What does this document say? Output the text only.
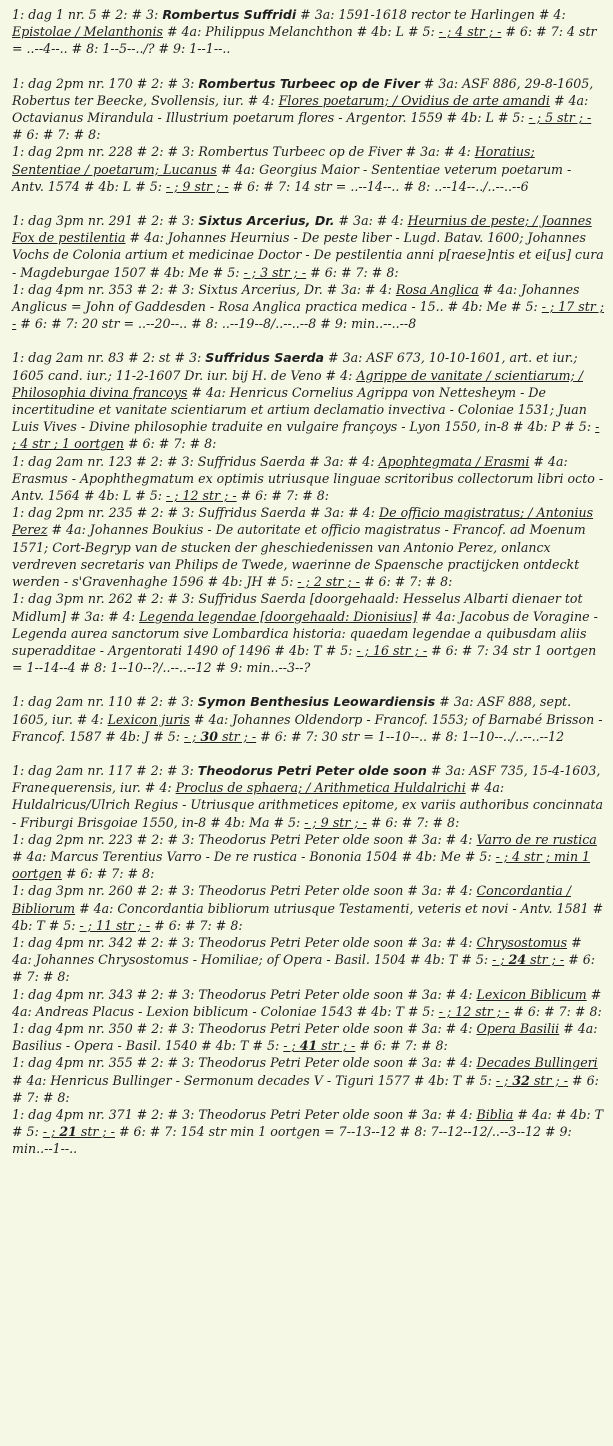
1: dag 1 nr. 5 # 2: # 3: Rombertus Suffridi # 3a: 1591-1618 rector te Harlingen # 4: Epistolae / Melanthonis # 4a: Philippus Melanchthon # 4b: L # 5: - ; 4 str ; - # 6: # 7: 4 str = ..--4--.. # 8: 1--5--../? # 9: 1--1--..

1: dag 2pm nr. 170 # 2: # 3: Rombertus Turbeec op de Fiver # 3a: ASF 886, 29-8-1605, Robertus ter Beecke, Svollensis, iur. # 4: Flores poetarum; / Ovidius de arte amandi # 4a: Octavianus Mirandula - Illustrium poetarum flores - Argentor. 1559 # 4b: L # 5: - ; 5 str ; - # 6: # 7: # 8:

1: dag 2pm nr. 228 # 2: # 3: Rombertus Turbeec op de Fiver # 3a: # 4: Horatius; Sententiae / poetarum; Lucanus # 4a: Georgius Maior - Sententiae veterum poetarum - Antv. 1574 # 4b: L # 5: - ; 9 str ; - # 6: # 7: 14 str = ..--14--.. # 8: ..--14--../..--..--6

1: dag 3pm nr. 291 # 2: # 3: Sixtus Arcerius, Dr. # 3a: # 4: Heurnius de peste; / Joannes Fox de pestilentia # 4a: Johannes Heurnius - De peste liber - Lugd. Batav. 1600; Johannes Vochs de Colonia artium et medicinae Doctor - De pestilentia anni p[raese]ntis et ei[us] cura - Magdeburgae 1507 # 4b: Me # 5: - ; 3 str ; - # 6: # 7: # 8:

1: dag 4pm nr. 353 # 2: # 3: Sixtus Arcerius, Dr. # 3a: # 4: Rosa Anglica # 4a: Johannes Anglicus = John of Gaddesden - Rosa Anglica practica medica - 15.. # 4b: Me # 5: - ; 17 str ; - # 6: # 7: 20 str = ..--20--.. # 8: ..--19--8/..--..--8 # 9: min..--..--8

1: dag 2am nr. 83 # 2: st # 3: Suffridus Saerda # 3a: ASF 673, 10-10-1601, art. et iur.; 1605 cand. iur.; 11-2-1607 Dr. iur. bij H. de Veno # 4: Agrippe de vanitate / scientiarum; / Philosophia divina francoys # 4a: Henricus Cornelius Agrippa von Nettesheym - De incertitudine et vanitate scientiarum et artium declamatio invectiva - Coloniae 1531; Juan Luis Vives - Divine philosophie traduite en vulgaire françoys - Lyon 1550, in-8 # 4b: P # 5: - ; 4 str ; 1 oortgen # 6: # 7: # 8:

1: dag 2am nr. 123 # 2: # 3: Suffridus Saerda # 3a: # 4: Apophtegmata / Erasmi # 4a: Erasmus - Apophthegmatum ex optimis utriusque linguae scritoribus collectorum libri octo - Antv. 1564 # 4b: L # 5: - ; 12 str ; - # 6: # 7: # 8:

1: dag 2pm nr. 235 # 2: # 3: Suffridus Saerda # 3a: # 4: De officio magistratus; / Antonius Perez # 4a: Johannes Boukius - De autoritate et officio magistratus - Francof. ad Moenum 1571; Cort-Begryp van de stucken der gheschiedenissen van Antonio Perez, onlancx verdreven secretaris van Philips de Twede, waerinne de Spaensche practijcken ontdeckt werden - s'Gravenhaghe 1596 # 4b: JH # 5: - ; 2 str ; - # 6: # 7: # 8:

1: dag 3pm nr. 262 # 2: # 3: Suffridus Saerda [doorgehaald: Hesselus Albarti dienaer tot Midlum] # 3a: # 4: Legenda legendae [doorgehaald: Dionisius] # 4a: Jacobus de Voragine - Legenda aurea sanctorum sive Lombardica historia: quaedam legendae a quibusdam aliis superadditae - Argentorati 1490 of 1496 # 4b: T # 5: - ; 16 str ; - # 6: # 7: 34 str 1 oortgen = 1--14--4 # 8: 1--10--?/..--..--12 # 9: min..--3--?

1: dag 2am nr. 110 # 2: # 3: Symon Benthesius Leowardiensis # 3a: ASF 888, sept. 1605, iur. # 4: Lexicon juris # 4a: Johannes Oldendorp - Francof. 1553; of Barnabé Brisson - Francof. 1587 # 4b: J # 5: - ; 30 str ; - # 6: # 7: 30 str = 1--10--.. # 8: 1--10--../..--..--12

1: dag 2am nr. 117 # 2: # 3: Theodorus Petri Peter olde soon # 3a: ASF 735, 15-4-1603, Franequerensis, iur. # 4: Proclus de sphaera; / Arithmetica Huldalrichi # 4a: Huldalricus/Ulrich Regius - Utriusque arithmetices epitome, ex variis authoribus concinnata - Friburgi Brisgoiae 1550, in-8 # 4b: Ma # 5: - ; 9 str ; - # 6: # 7: # 8:

1: dag 2pm nr. 223 # 2: # 3: Theodorus Petri Peter olde soon # 3a: # 4: Varro de re rustica # 4a: Marcus Terentius Varro - De re rustica - Bononia 1504 # 4b: Me # 5: - ; 4 str ; min 1 oortgen # 6: # 7: # 8:

1: dag 3pm nr. 260 # 2: # 3: Theodorus Petri Peter olde soon # 3a: # 4: Concordantia / Bibliorum # 4a: Concordantia bibliorum utriusque Testamenti, veteris et novi - Antv. 1581 # 4b: T # 5: - ; 11 str ; - # 6: # 7: # 8:

1: dag 4pm nr. 342 # 2: # 3: Theodorus Petri Peter olde soon # 3a: # 4: Chrysostomus # 4a: Johannes Chrysostomus - Homiliae; of Opera - Basil. 1504 # 4b: T # 5: - ; 24 str ; - # 6: # 7: # 8:

1: dag 4pm nr. 343 # 2: # 3: Theodorus Petri Peter olde soon # 3a: # 4: Lexicon Biblicum # 4a: Andreas Placus - Lexion biblicum - Coloniae 1543 # 4b: T # 5: - ; 12 str ; - # 6: # 7: # 8:

1: dag 4pm nr. 350 # 2: # 3: Theodorus Petri Peter olde soon # 3a: # 4: Opera Basilii # 4a: Basilius - Opera - Basil. 1540 # 4b: T # 5: - ; 41 str ; - # 6: # 7: # 8:

1: dag 4pm nr. 355 # 2: # 3: Theodorus Petri Peter olde soon # 3a: # 4: Decades Bullingeri # 4a: Henricus Bullinger - Sermonum decades V - Tiguri 1577 # 4b: T # 5: - ; 32 str ; - # 6: # 7: # 8:

1: dag 4pm nr. 371 # 2: # 3: Theodorus Petri Peter olde soon # 3a: # 4: Biblia # 4a: # 4b: T # 5: - ; 21 str ; - # 6: # 7: 154 str min 1 oortgen = 7--13--12 # 8: 7--12--12/..--3--12 # 9: min..--1--..
